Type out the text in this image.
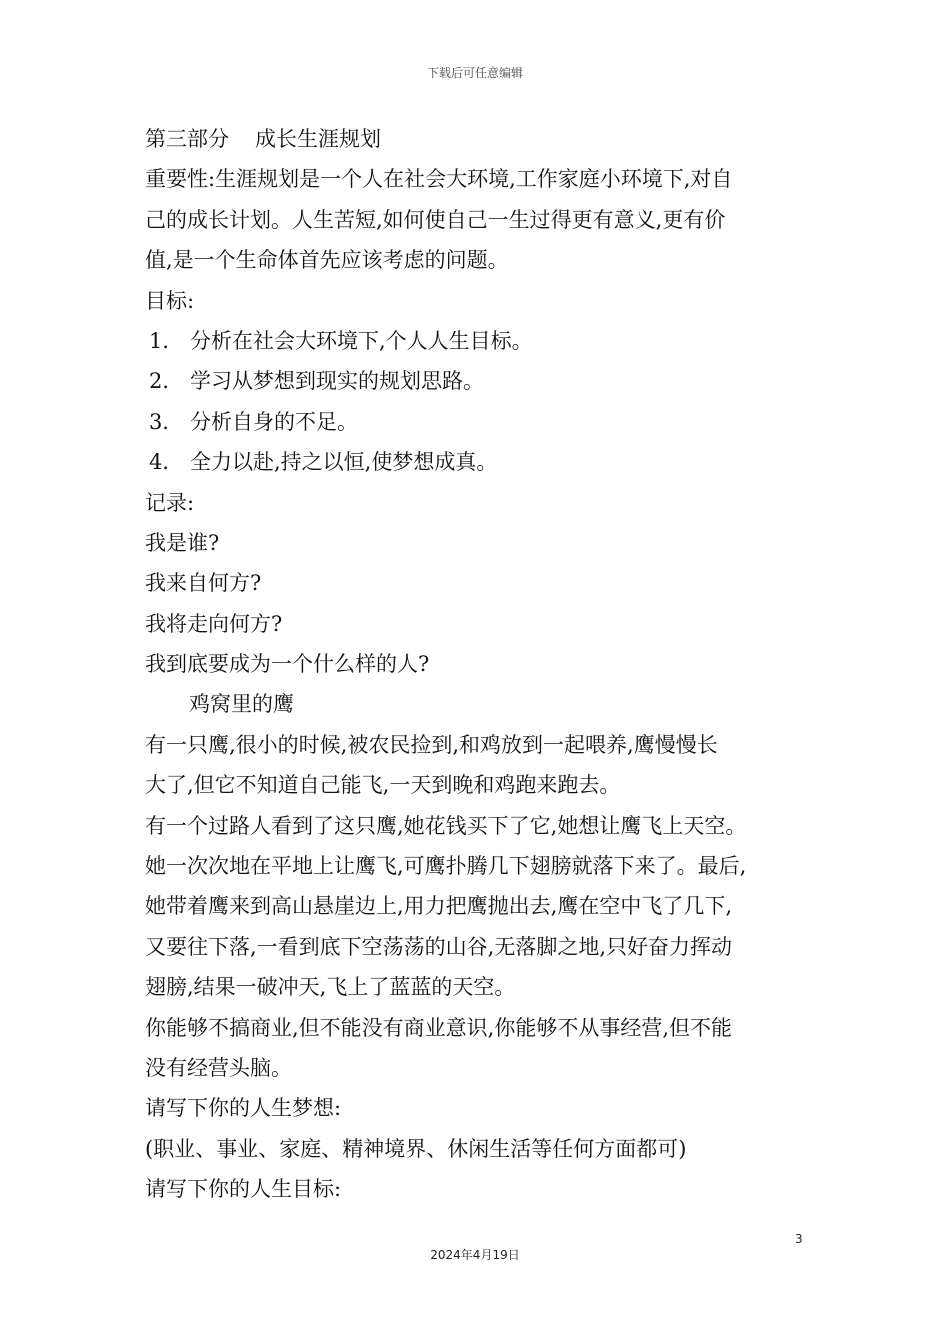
下载后可任意编辑
第三部分 成长生涯规划
重要性:生涯规划是一个人在社会大环境,工作家庭小环境下,对自
己的成长计划。人生苦短,如何使自己一生过得更有意义,更有价
值,是一个生命体首先应该考虑的问题。
目标:
1． 分析在社会大环境下,个人人生目标。
2． 学习从梦想到现实的规划思路。
3． 分析自身的不足。
4． 全力以赴,持之以恒,使梦想成真。
记录:
我是谁?
我来自何方?
我将走向何方?
我到底要成为一个什么样的人?
鸡窝里的鹰
有一只鹰,很小的时候,被农民捡到,和鸡放到一起喂养,鹰慢慢长
大了,但它不知道自己能飞,一天到晚和鸡跑来跑去。
有一个过路人看到了这只鹰,她花钱买下了它,她想让鹰飞上天空。
她一次次地在平地上让鹰飞,可鹰扑腾几下翅膀就落下来了。最后,
她带着鹰来到高山悬崖边上,用力把鹰抛出去,鹰在空中飞了几下,
又要往下落,一看到底下空荡荡的山谷,无落脚之地,只好奋力挥动
翅膀,结果一破冲天,飞上了蓝蓝的天空。
你能够不搞商业,但不能没有商业意识,你能够不从事经营,但不能
没有经营头脑。
请写下你的人生梦想:
(职业、事业、家庭、精神境界、休闲生活等任何方面都可)
请写下你的人生目标:
3
2024年4月19日
